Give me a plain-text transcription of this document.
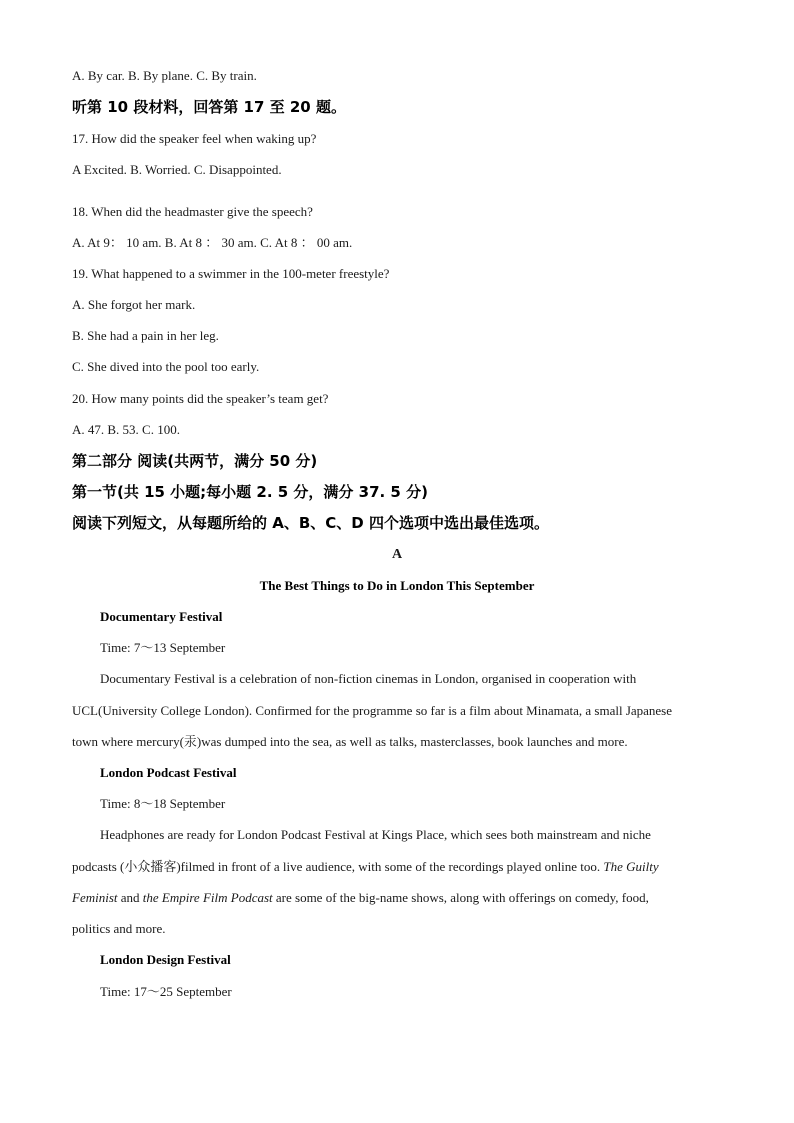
A. By car. B. By plane. C. By train.
听第 10 段材料，回答第 17 至 20 题。
17. How did the speaker feel when waking up?
A Excited. B. Worried. C. Disappointed.
18. When did the headmaster give the speech?
A. At 9： 10 am. B. At 8 ： 30 am. C. At 8 ： 00 am.
19. What happened to a swimmer in the 100-meter freestyle?
A. She forgot her mark.
B. She had a pain in her leg.
C. She dived into the pool too early.
20. How many points did the speaker’s team get?
A. 47. B. 53. C. 100.
第二部分 阅读(共两节，满分 50 分)
第一节(共 15 小题;每小题 2. 5 分，满分 37. 5 分)
阅读下列短文，从每题所给的 A、B、C、D 四个选项中选出最佳选项。
A
The Best Things to Do in London This September
Documentary Festival
Time: 7～13 September
Documentary Festival is a celebration of non-fiction cinemas in London, organised in cooperation with
UCL(University College London). Confirmed for the programme so far is a film about Minamata, a small Japanese
town where mercury(汞)was dumped into the sea, as well as talks, masterclasses, book launches and more.
London Podcast Festival
Time: 8～18 September
Headphones are ready for London Podcast Festival at Kings Place, which sees both mainstream and niche
podcasts (小众播客)filmed in front of a live audience, with some of the recordings played online too. The Guilty
Feminist and the Empire Film Podcast are some of the big-name shows, along with offerings on comedy, food,
politics and more.
London Design Festival
Time: 17～25 September
